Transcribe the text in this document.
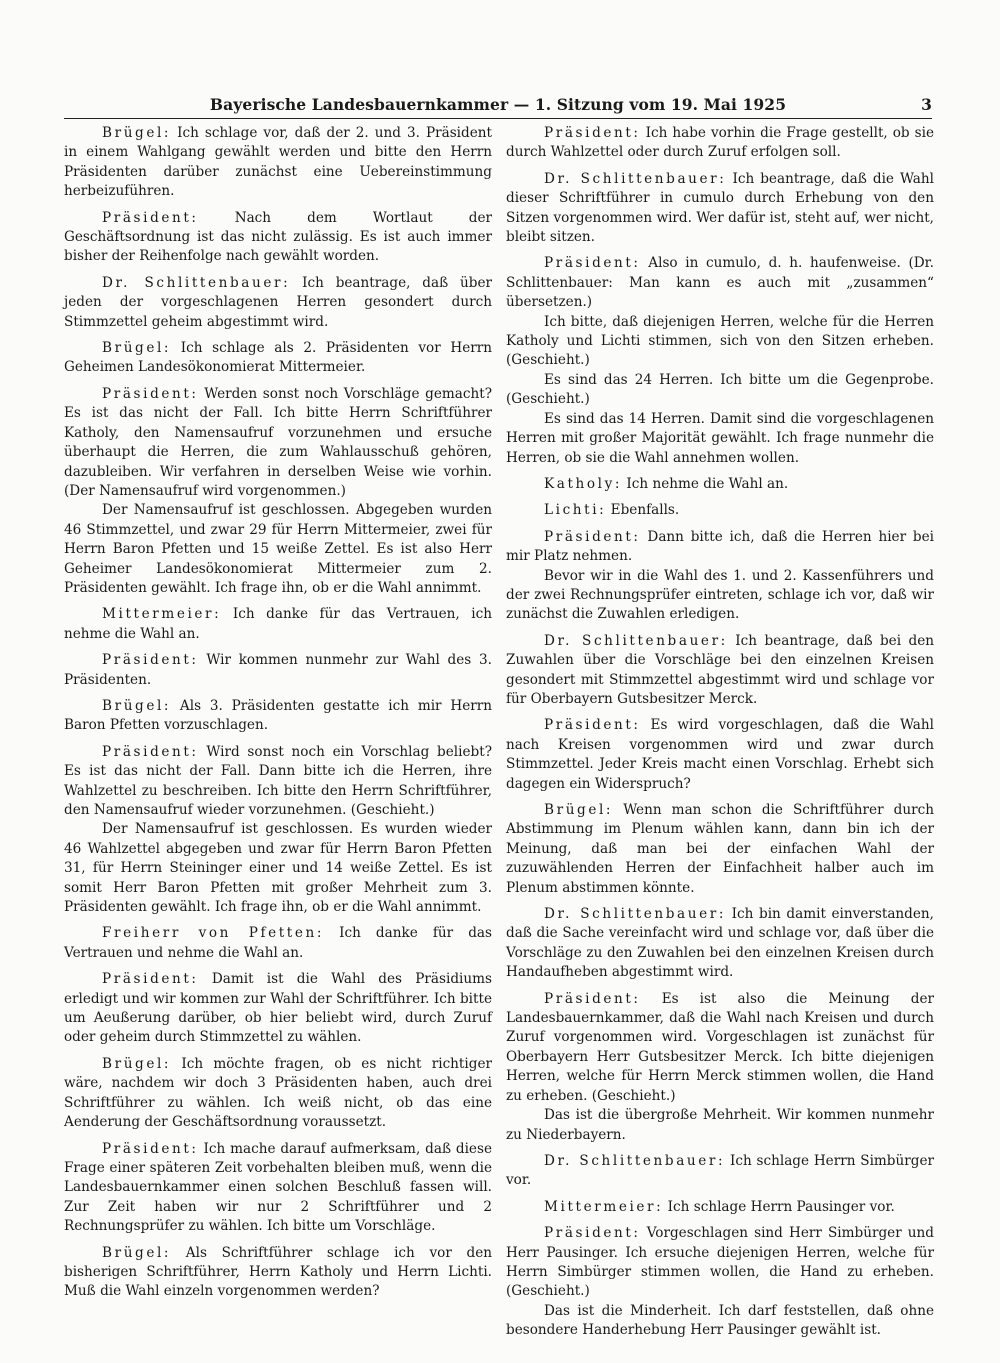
Bayerische Landesbauernkammer — 1. Sitzung vom 19. Mai 1925	3

Brügel: Ich schlage vor, daß der 2. und 3. Präsident in einem Wahlgang gewählt werden und bitte den Herrn Präsidenten darüber zunächst eine Uebereinstimmung herbeizuführen.

Präsident: Nach dem Wortlaut der Geschäftsordnung ist das nicht zulässig. Es ist auch immer bisher der Reihenfolge nach gewählt worden.

Dr. Schlittenbauer: Ich beantrage, daß über jeden der vorgeschlagenen Herren gesondert durch Stimmzettel geheim abgestimmt wird.

Brügel: Ich schlage als 2. Präsidenten vor Herrn Geheimen Landesökonomierat Mittermeier.

Präsident: Werden sonst noch Vorschläge gemacht? Es ist das nicht der Fall. Ich bitte Herrn Schriftführer Katholy, den Namensaufruf vorzunehmen und ersuche überhaupt die Herren, die zum Wahlausschuß gehören, dazubleiben. Wir verfahren in derselben Weise wie vorhin. (Der Namensaufruf wird vorgenommen.)

Der Namensaufruf ist geschlossen. Abgegeben wurden 46 Stimmzettel, und zwar 29 für Herrn Mittermeier, zwei für Herrn Baron Pfetten und 15 weiße Zettel. Es ist also Herr Geheimer Landesökonomierat Mittermeier zum 2. Präsidenten gewählt. Ich frage ihn, ob er die Wahl annimmt.

Mittermeier: Ich danke für das Vertrauen, ich nehme die Wahl an.

Präsident: Wir kommen nunmehr zur Wahl des 3. Präsidenten.

Brügel: Als 3. Präsidenten gestatte ich mir Herrn Baron Pfetten vorzuschlagen.

Präsident: Wird sonst noch ein Vorschlag beliebt? Es ist das nicht der Fall. Dann bitte ich die Herren, ihre Wahlzettel zu beschreiben. Ich bitte den Herrn Schriftführer, den Namensaufruf wieder vorzunehmen. (Geschieht.)

Der Namensaufruf ist geschlossen. Es wurden wieder 46 Wahlzettel abgegeben und zwar für Herrn Baron Pfetten 31, für Herrn Steininger einer und 14 weiße Zettel. Es ist somit Herr Baron Pfetten mit großer Mehrheit zum 3. Präsidenten gewählt. Ich frage ihn, ob er die Wahl annimmt.

Freiherr von Pfetten: Ich danke für das Vertrauen und nehme die Wahl an.

Präsident: Damit ist die Wahl des Präsidiums erledigt und wir kommen zur Wahl der Schriftführer. Ich bitte um Aeußerung darüber, ob hier beliebt wird, durch Zuruf oder geheim durch Stimmzettel zu wählen.

Brügel: Ich möchte fragen, ob es nicht richtiger wäre, nachdem wir doch 3 Präsidenten haben, auch drei Schriftführer zu wählen. Ich weiß nicht, ob das eine Aenderung der Geschäftsordnung voraussetzt.

Präsident: Ich mache darauf aufmerksam, daß diese Frage einer späteren Zeit vorbehalten bleiben muß, wenn die Landesbauernkammer einen solchen Beschluß fassen will. Zur Zeit haben wir nur 2 Schriftführer und 2 Rechnungsprüfer zu wählen. Ich bitte um Vorschläge.

Brügel: Als Schriftführer schlage ich vor den bisherigen Schriftführer, Herrn Katholy und Herrn Lichti. Muß die Wahl einzeln vorgenommen werden?

Präsident: Ich habe vorhin die Frage gestellt, ob sie durch Wahlzettel oder durch Zuruf erfolgen soll.

Dr. Schlittenbauer: Ich beantrage, daß die Wahl dieser Schriftführer in cumulo durch Erhebung von den Sitzen vorgenommen wird. Wer dafür ist, steht auf, wer nicht, bleibt sitzen.

Präsident: Also in cumulo, d. h. haufenweise. (Dr. Schlittenbauer: Man kann es auch mit „zusammen“ übersetzen.)

Ich bitte, daß diejenigen Herren, welche für die Herren Katholy und Lichti stimmen, sich von den Sitzen erheben. (Geschieht.)

Es sind das 24 Herren. Ich bitte um die Gegenprobe. (Geschieht.)

Es sind das 14 Herren. Damit sind die vorgeschlagenen Herren mit großer Majorität gewählt. Ich frage nunmehr die Herren, ob sie die Wahl annehmen wollen.

Katholy: Ich nehme die Wahl an.

Lichti: Ebenfalls.

Präsident: Dann bitte ich, daß die Herren hier bei mir Platz nehmen.

Bevor wir in die Wahl des 1. und 2. Kassenführers und der zwei Rechnungsprüfer eintreten, schlage ich vor, daß wir zunächst die Zuwahlen erledigen.

Dr. Schlittenbauer: Ich beantrage, daß bei den Zuwahlen über die Vorschläge bei den einzelnen Kreisen gesondert mit Stimmzettel abgestimmt wird und schlage vor für Oberbayern Gutsbesitzer Merck.

Präsident: Es wird vorgeschlagen, daß die Wahl nach Kreisen vorgenommen wird und zwar durch Stimmzettel. Jeder Kreis macht einen Vorschlag. Erhebt sich dagegen ein Widerspruch?

Brügel: Wenn man schon die Schriftführer durch Abstimmung im Plenum wählen kann, dann bin ich der Meinung, daß man bei der einfachen Wahl der zuzuwählenden Herren der Einfachheit halber auch im Plenum abstimmen könnte.

Dr. Schlittenbauer: Ich bin damit einverstanden, daß die Sache vereinfacht wird und schlage vor, daß über die Vorschläge zu den Zuwahlen bei den einzelnen Kreisen durch Handaufheben abgestimmt wird.

Präsident: Es ist also die Meinung der Landesbauernkammer, daß die Wahl nach Kreisen und durch Zuruf vorgenommen wird. Vorgeschlagen ist zunächst für Oberbayern Herr Gutsbesitzer Merck. Ich bitte diejenigen Herren, welche für Herrn Merck stimmen wollen, die Hand zu erheben. (Geschieht.)

Das ist die übergroße Mehrheit. Wir kommen nunmehr zu Niederbayern.

Dr. Schlittenbauer: Ich schlage Herrn Simbürger vor.

Mittermeier: Ich schlage Herrn Pausinger vor.

Präsident: Vorgeschlagen sind Herr Simbürger und Herr Pausinger. Ich ersuche diejenigen Herren, welche für Herrn Simbürger stimmen wollen, die Hand zu erheben. (Geschieht.)

Das ist die Minderheit. Ich darf feststellen, daß ohne besondere Handerhebung Herr Pausinger gewählt ist.
